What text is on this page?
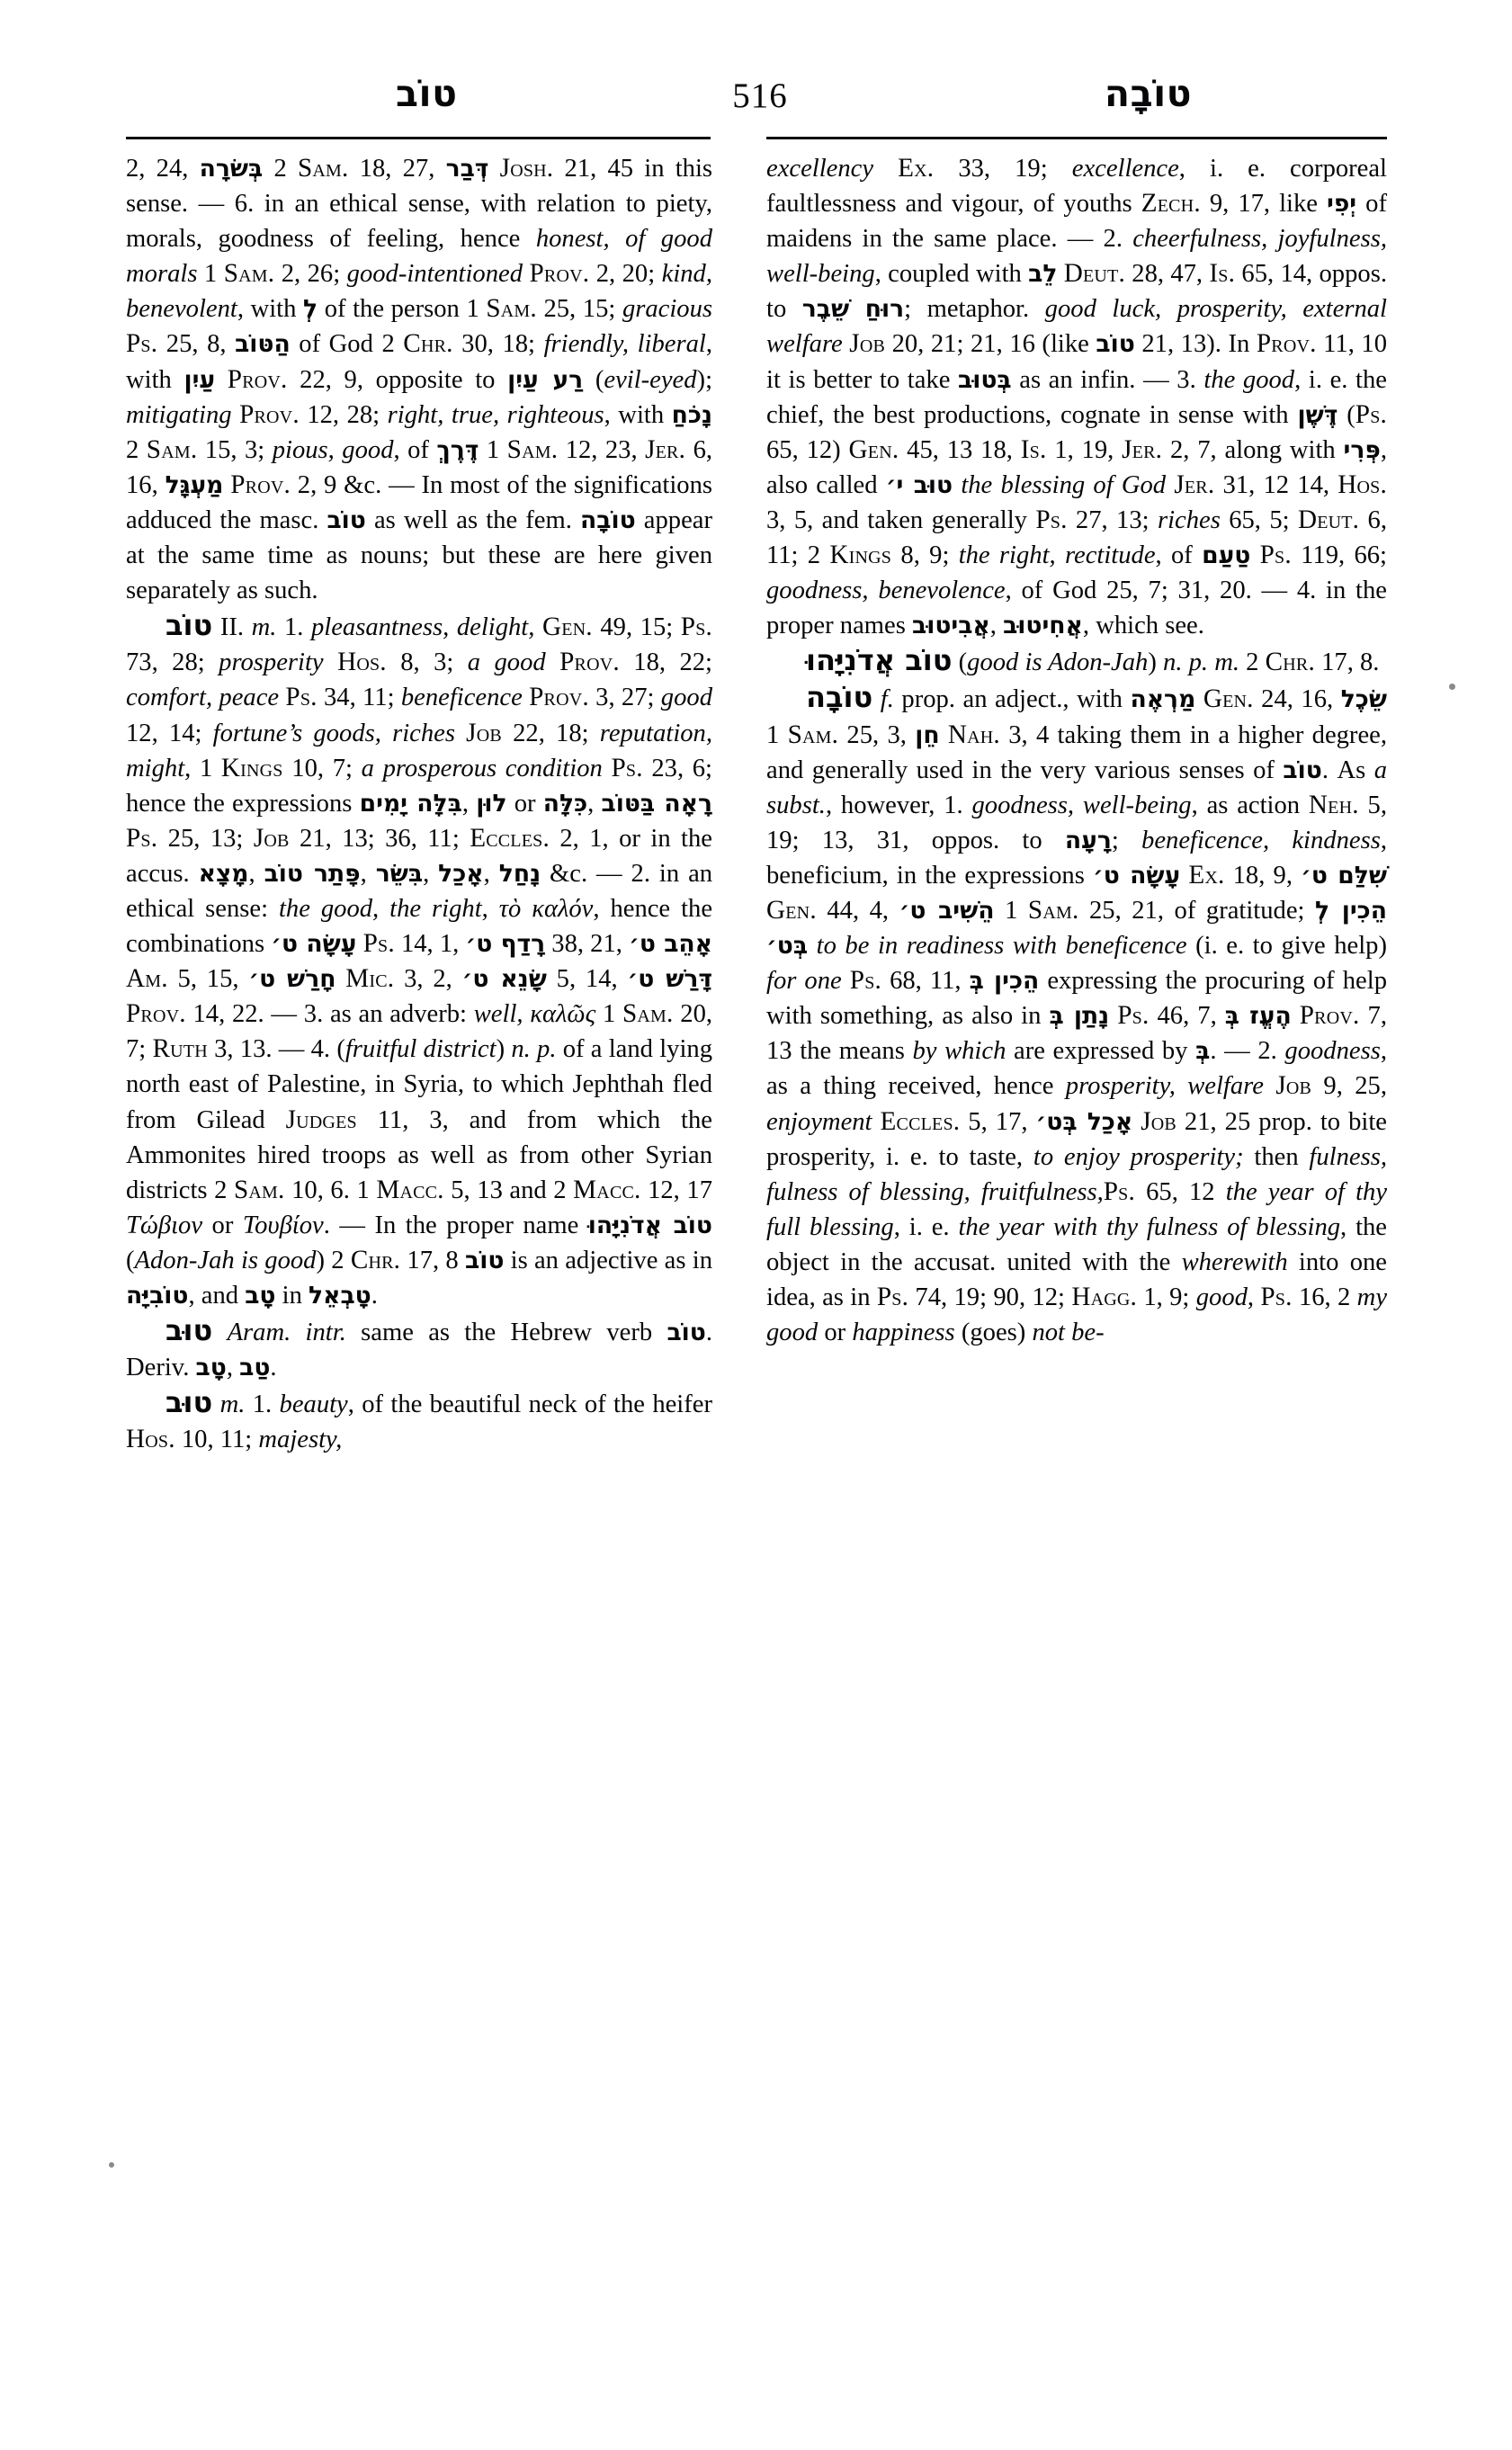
טוֹב	516	טוֹבָה

2, 24, בְּשׂרָה 2 Sam. 18, 27, דְּבַר Josh. 21, 45 in this sense. — 6. in an ethical sense, with relation to piety, morals, goodness of feeling, hence honest, of good morals 1 Sam. 2, 26; good-intentioned Prov. 2, 20; kind, benevolent, with לְ of the person 1 Sam. 25, 15; gracious Ps. 25, 8, הַטּוֹב of God 2 Chr. 30, 18; friendly, liberal, with עַיִן Prov. 22, 9, opposite to רַע עַיִן (evil-eyed); mitigating Prov. 12, 28; right, true, righteous, with נָכֹחַ 2 Sam. 15, 3; pious, good, of דֶּרֶךְ 1 Sam. 12, 23, Jer. 6, 16, מַעְגָּל Prov. 2, 9 &c. — In most of the significations adduced the masc. טוֹב as well as the fem. טוֹבָה appear at the same time as nouns; but these are here given separately as such.

טוֹב II. m. 1. pleasantness, delight, Gen. 49, 15; Ps. 73, 28; prosperity Hos. 8, 3; a good Prov. 18, 22; comfort, peace Ps. 34, 11; beneficence Prov. 3, 27; good 12, 14; fortune’s goods, riches Job 22, 18; reputation, might, 1 Kings 10, 7; a prosperous condition Ps. 23, 6; hence the expressions בִּלָּה יָמִים, לוּן or כִּלָּה, רָאָה בַּטּוֹב Ps. 25, 13; Job 21, 13; 36, 11; Eccles. 2, 1, or in the accus. מָצָא, פָּתַר טוֹב, בִּשֵּׂר, אָכַל, נָחַל &c. — 2. in an ethical sense: the good, the right, τὸ καλόν, hence the combinations עָשָׂה ט׳ Ps. 14, 1, רָדַף ט׳ 38, 21, אָהֵב ט׳ Am. 5, 15, חָרַשׁ ט׳ Mic. 3, 2, שָׂנֵא ט׳ 5, 14, דָּרַשׁ ט׳ Prov. 14, 22. — 3. as an adverb: well, καλῶς 1 Sam. 20, 7; Ruth 3, 13. — 4. (fruitful district) n. p. of a land lying north east of Palestine, in Syria, to which Jephthah fled from Gilead Judges 11, 3, and from which the Ammonites hired troops as well as from other Syrian districts 2 Sam. 10, 6. 1 Macc. 5, 13 and 2 Macc. 12, 17 Τώβιον or Τουβίον. — In the proper name טוֹב אֲדֹנִיָּהוּ (Adon-Jah is good) 2 Chr. 17, 8 טוֹב is an adjective as in טוֹבִיָּה, and טָב in טָבְאֵל.

טוּב Aram. intr. same as the Hebrew verb טוֹב. Deriv. טָב, טַב.

טוּב m. 1. beauty, of the beautiful neck of the heifer Hos. 10, 11; majesty,

excellency Ex. 33, 19; excellence, i. e. corporeal faultlessness and vigour, of youths Zech. 9, 17, like יְפִי of maidens in the same place. — 2. cheerfulness, joyfulness, well-being, coupled with לֵב Deut. 28, 47, Is. 65, 14, oppos. to שֵׁבֶר רוּחַ; metaphor. good luck, prosperity, external welfare Job 20, 21; 21, 16 (like טוֹב 21, 13). In Prov. 11, 10 it is better to take בְּטוּב as an infin. — 3. the good, i. e. the chief, the best productions, cognate in sense with דֶּשֶׁן (Ps. 65, 12) Gen. 45, 13 18, Is. 1, 19, Jer. 2, 7, along with פְּרִי, also called טוּב י׳ the blessing of God Jer. 31, 12 14, Hos. 3, 5, and taken generally Ps. 27, 13; riches 65, 5; Deut. 6, 11; 2 Kings 8, 9; the right, rectitude, of טַעַם Ps. 119, 66; goodness, benevolence, of God 25, 7; 31, 20. — 4. in the proper names אֲבִיטוּב, אֲחִיטוּב, which see.

טוֹב אֲדֹנִיָּהוּ (good is Adon-Jah) n. p. m. 2 Chr. 17, 8.

טוֹבָה f. prop. an adject., with מַרְאֶה Gen. 24, 16, שֵׂכֶל 1 Sam. 25, 3, חֵן Nah. 3, 4 taking them in a higher degree, and generally used in the very various senses of טוֹב. As a subst., however, 1. goodness, well-being, as action Neh. 5, 19; 13, 31, oppos. to רָעָה; beneficence, kindness, beneficium, in the expressions עָשָׂה ט׳ Ex. 18, 9, שִׁלַּם ט׳ Gen. 44, 4, הֵשִׁיב ט׳ 1 Sam. 25, 21, of gratitude; הֵכִין לְ בְּט׳ to be in readiness with beneficence (i. e. to give help) for one Ps. 68, 11, הֵכִין בְּ expressing the procuring of help with something, as also in נָתַן בְּ Ps. 46, 7, הֶעֱז בְּ Prov. 7, 13 the means by which are expressed by בְּ. — 2. goodness, as a thing received, hence prosperity, welfare Job 9, 25, enjoyment Eccles. 5, 17, אָכַל בְּט׳ Job 21, 25 prop. to bite prosperity, i. e. to taste, to enjoy prosperity; then fulness, fulness of blessing, fruitfulness,Ps. 65, 12 the year of thy full blessing, i. e. the year with thy fulness of blessing, the object in the accusat. united with the wherewith into one idea, as in Ps. 74, 19; 90, 12; Hagg. 1, 9; good, Ps. 16, 2 my good or happiness (goes) not be-
